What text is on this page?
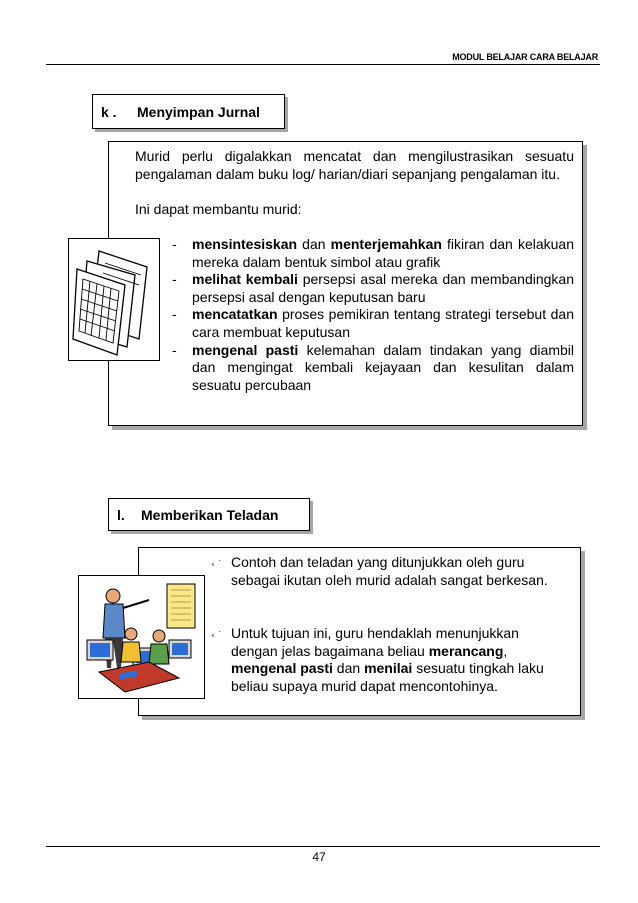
MODUL BELAJAR CARA BELAJAR
k .	Menyimpan Jurnal

Murid perlu digalakkan mencatat dan mengilustrasikan sesuatu pengalaman dalam buku log/ harian/diari sepanjang pengalaman itu.

Ini dapat membantu murid:

-	mensintesiskan dan menterjemahkan fikiran dan kelakuan mereka dalam bentuk simbol atau grafik
-	melihat kembali persepsi asal mereka dan membandingkan persepsi asal dengan keputusan baru
-	mencatatkan proses pemikiran tentang strategi tersebut dan cara membuat keputusan
-	mengenal pasti kelemahan dalam tindakan yang diambil dan mengingat kembali kejayaan dan kesulitan dalam sesuatu percubaan
l.	Memberikan Teladan
‹ ˙ Contoh dan teladan yang ditunjukkan oleh guru sebagai ikutan oleh murid adalah sangat berkesan.
‹ ˙ Untuk tujuan ini, guru hendaklah menunjukkan dengan jelas bagaimana beliau merancang, mengenal pasti dan menilai sesuatu tingkah laku beliau supaya murid dapat mencontohinya.
47
